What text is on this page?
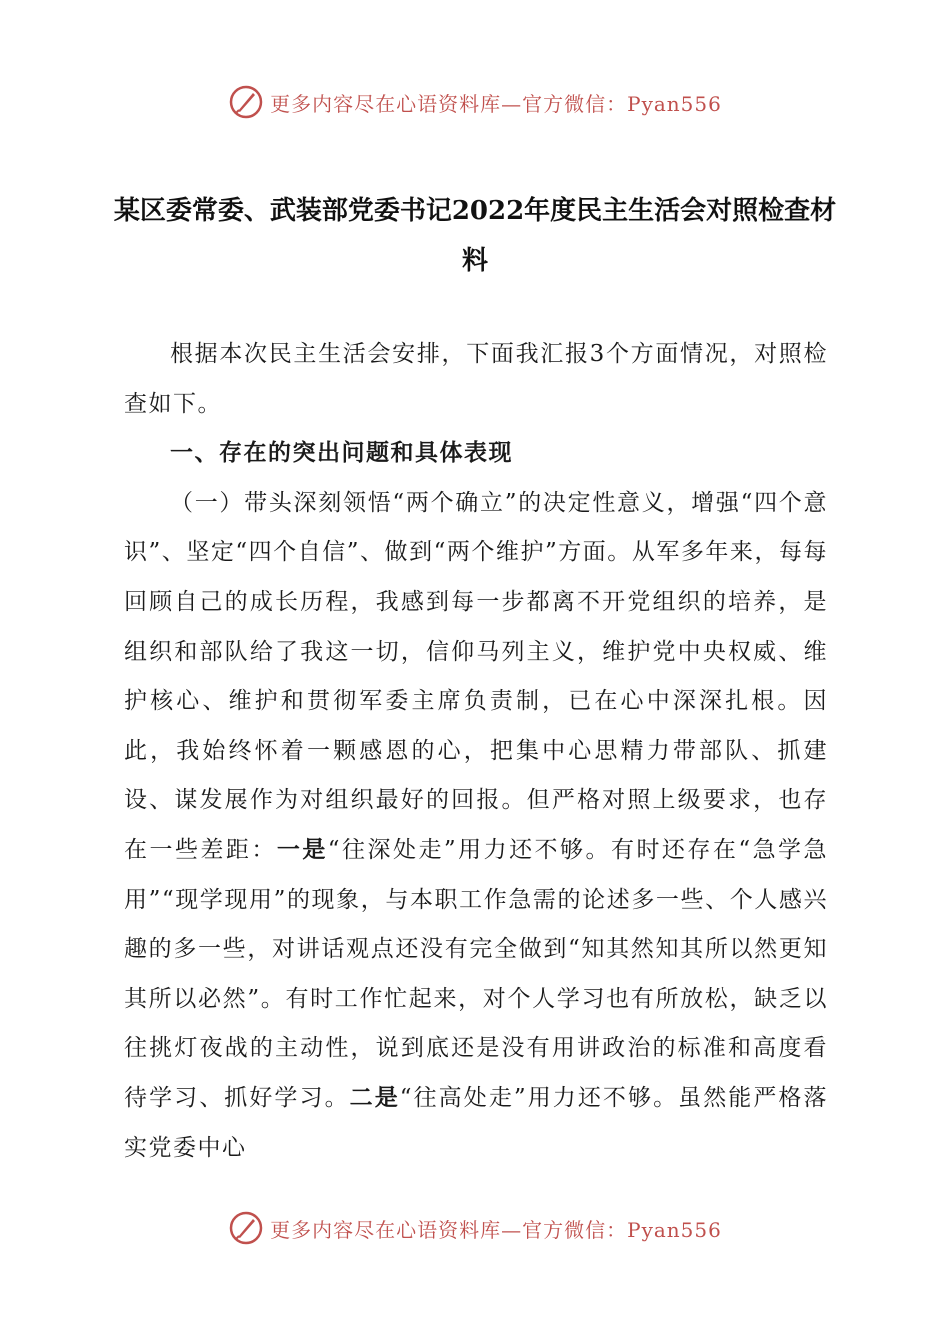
更多内容尽在心语资料库—官方微信：Pyan556
某区委常委、武装部党委书记2022年度民主生活会对照检查材料

根据本次民主生活会安排，下面我汇报3个方面情况，对照检查如下。

一、存在的突出问题和具体表现

（一）带头深刻领悟“两个确立”的决定性意义，增强“四个意识”、坚定“四个自信”、做到“两个维护”方面。从军多年来，每每回顾自己的成长历程，我感到每一步都离不开党组织的培养，是组织和部队给了我这一切，信仰马列主义，维护党中央权威、维护核心、维护和贯彻军委主席负责制，已在心中深深扎根。因此，我始终怀着一颗感恩的心，把集中心思精力带部队、抓建设、谋发展作为对组织最好的回报。但严格对照上级要求，也存在一些差距：一是“往深处走”用力还不够。有时还存在“急学急用”“现学现用”的现象，与本职工作急需的论述多一些、个人感兴趣的多一些，对讲话观点还没有完全做到“知其然知其所以然更知其所以必然”。有时工作忙起来，对个人学习也有所放松，缺乏以往挑灯夜战的主动性，说到底还是没有用讲政治的标准和高度看待学习、抓好学习。二是“往高处走”用力还不够。虽然能严格落实党委中心

更多内容尽在心语资料库—官方微信：Pyan556
